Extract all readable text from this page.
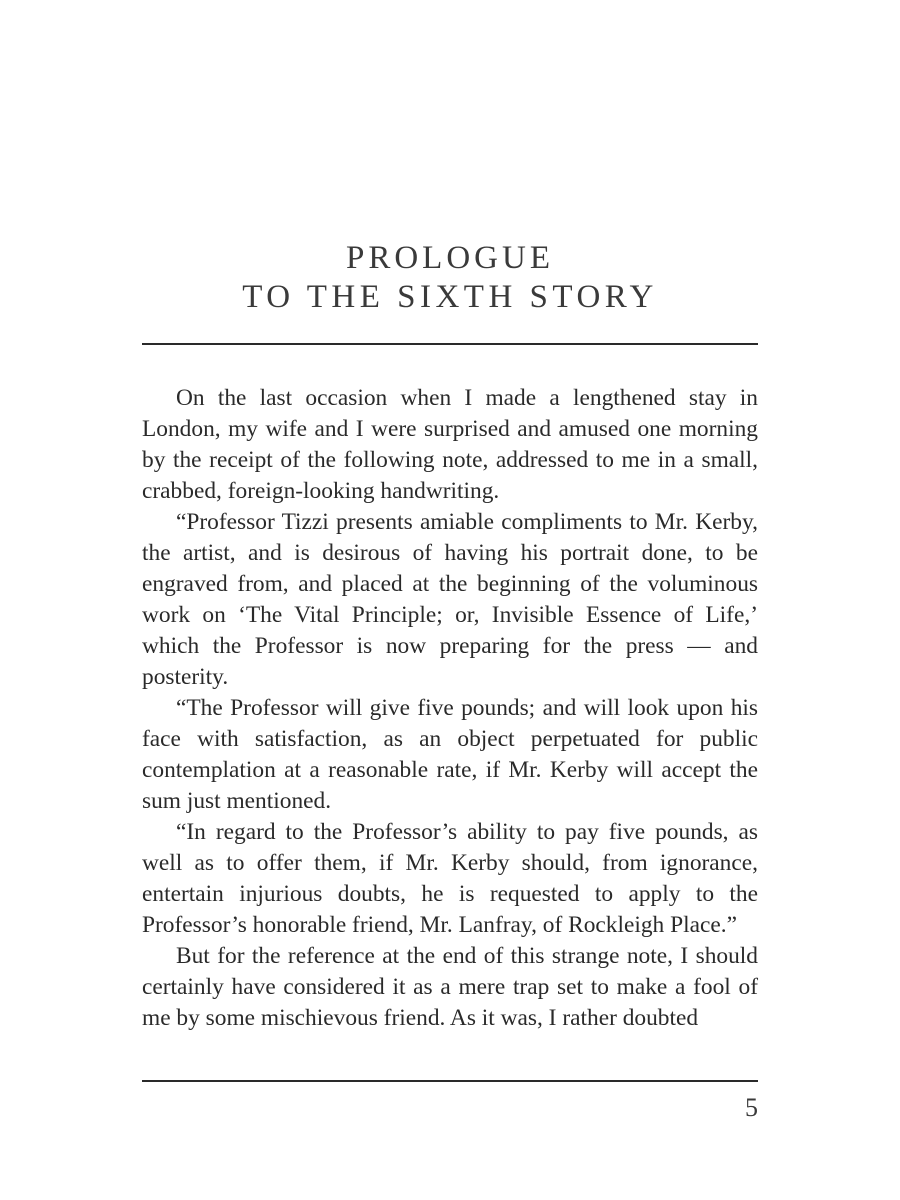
PROLOGUE
TO THE SIXTH STORY

On the last occasion when I made a lengthened stay in London, my wife and I were surprised and amused one morning by the receipt of the following note, addressed to me in a small, crabbed, foreign-looking handwriting.

“Professor Tizzi presents amiable compliments to Mr. Kerby, the artist, and is desirous of having his portrait done, to be engraved from, and placed at the beginning of the voluminous work on ‘The Vital Principle; or, Invisible Essence of Life,’ which the Professor is now preparing for the press — and posterity.

“The Professor will give five pounds; and will look upon his face with satisfaction, as an object perpetuated for public contemplation at a reasonable rate, if Mr. Kerby will accept the sum just mentioned.

“In regard to the Professor’s ability to pay five pounds, as well as to offer them, if Mr. Kerby should, from ignorance, entertain injurious doubts, he is requested to apply to the Professor’s honorable friend, Mr. Lanfray, of Rockleigh Place.”

But for the reference at the end of this strange note, I should certainly have considered it as a mere trap set to make a fool of me by some mischievous friend. As it was, I rather doubted

5
